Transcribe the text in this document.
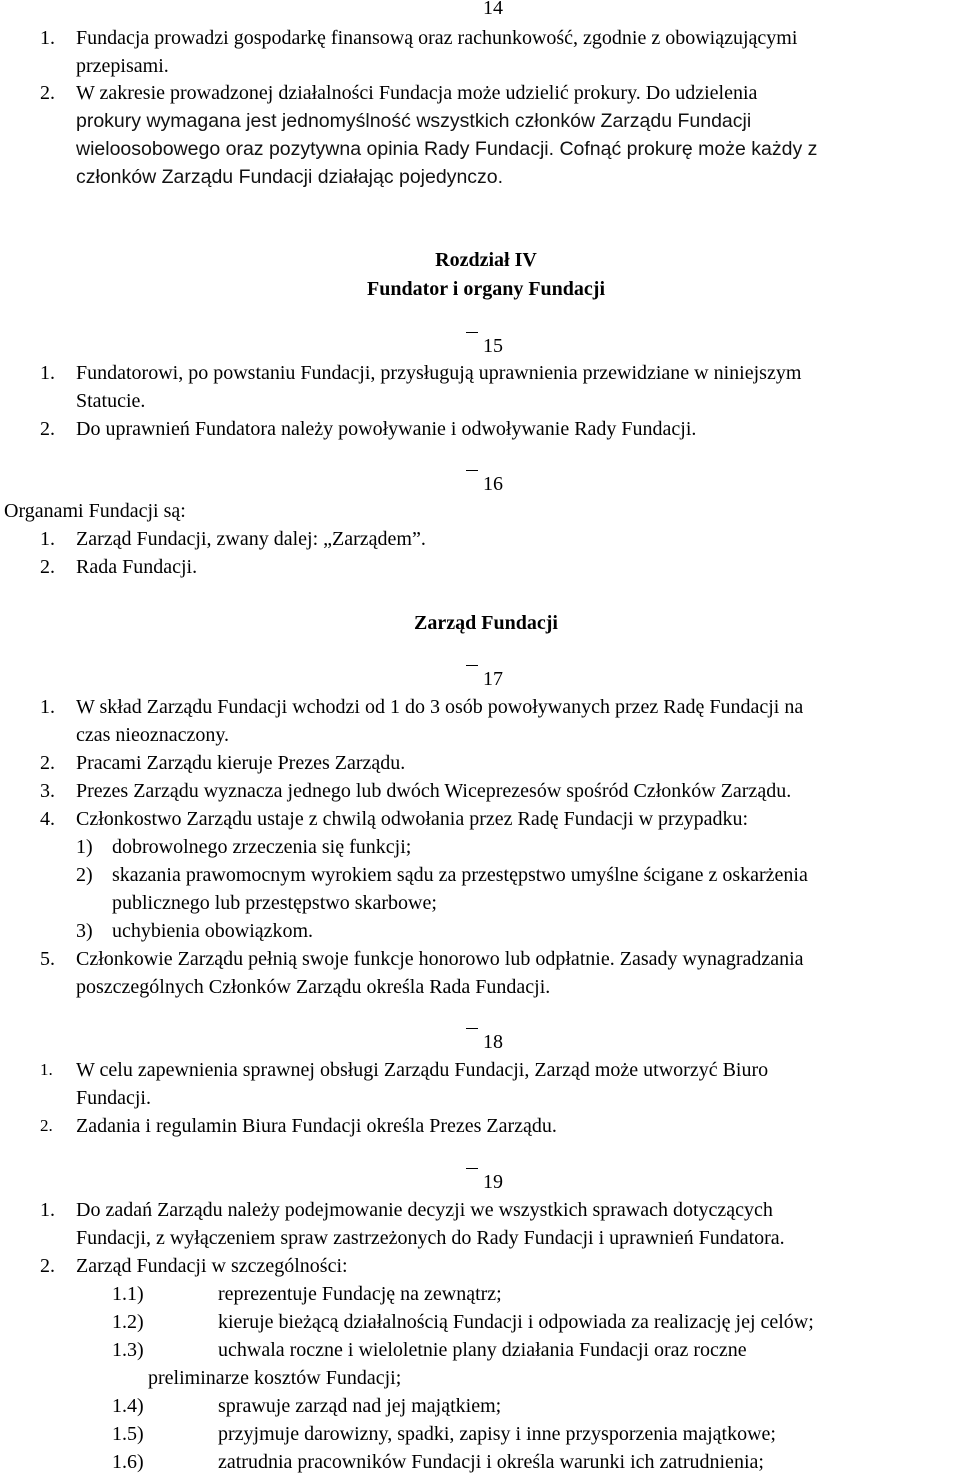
14
1. Fundacja prowadzi gospodarkę finansową oraz rachunkowość, zgodnie z obowiązującymi
przepisami.
2. W zakresie prowadzonej działalności Fundacja może udzielić prokury. Do udzielenia
prokury wymagana jest jednomyślność wszystkich członków Zarządu Fundacji
wieloosobowego oraz pozytywna opinia Rady Fundacji. Cofnąć prokurę może każdy z
członków Zarządu Fundacji działając pojedynczo.
Rozdział IV
Fundator i organy Fundacji
15
1. Fundatorowi, po powstaniu Fundacji, przysługują uprawnienia przewidziane w niniejszym
Statucie.
2. Do uprawnień Fundatora należy powoływanie i odwoływanie Rady Fundacji.
16
Organami Fundacji są:
1. Zarząd Fundacji, zwany dalej: „Zarządem”.
2. Rada Fundacji.
Zarząd Fundacji
17
1. W skład Zarządu Fundacji wchodzi od 1 do 3 osób powoływanych przez Radę Fundacji na
czas nieoznaczony.
2. Pracami Zarządu kieruje Prezes Zarządu.
3. Prezes Zarządu wyznacza jednego lub dwóch Wiceprezesów spośród Członków Zarządu.
4. Członkostwo Zarządu ustaje z chwilą odwołania przez Radę Fundacji w przypadku:
1) dobrowolnego zrzeczenia się funkcji;
2) skazania prawomocnym wyrokiem sądu za przestępstwo umyślne ścigane z oskarżenia
publicznego lub przestępstwo skarbowe;
3) uchybienia obowiązkom.
5. Członkowie Zarządu pełnią swoje funkcje honorowo lub odpłatnie. Zasady wynagradzania
poszczególnych Członków Zarządu określa Rada Fundacji.
18
1. W celu zapewnienia sprawnej obsługi Zarządu Fundacji, Zarząd może utworzyć Biuro
Fundacji.
2. Zadania i regulamin Biura Fundacji określa Prezes Zarządu.
19
1. Do zadań Zarządu należy podejmowanie decyzji we wszystkich sprawach dotyczących
Fundacji, z wyłączeniem spraw zastrzeżonych do Rady Fundacji i uprawnień Fundatora.
2. Zarząd Fundacji w szczególności:
1.1)	reprezentuje Fundację na zewnątrz;
1.2)	kieruje bieżącą działalnością Fundacji i odpowiada za realizację jej celów;
1.3)	uchwala roczne i wieloletnie plany działania Fundacji oraz roczne
preliminarze kosztów Fundacji;
1.4)	sprawuje zarząd nad jej majątkiem;
1.5)	przyjmuje darowizny, spadki, zapisy i inne przysporzenia majątkowe;
1.6)	zatrudnia pracowników Fundacji i określa warunki ich zatrudnienia;
